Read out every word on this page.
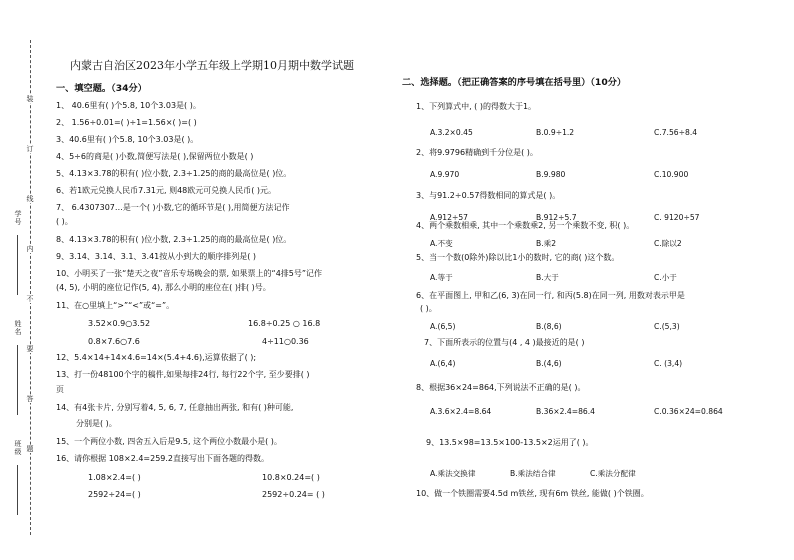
学号
姓名
班级
装
订
线
内
不
要
答
题
内蒙古自治区2023年小学五年级上学期10月期中数学试题
一、填空题。（34分）
1、 40.6里有( )个5.8, 10个3.03是( )。
2、 1.56÷0.01=( )÷1=1.56×( )=( )
3、40.6里有( )个5.8, 10个3.03是( )。
4、5÷6的商是( )小数,简便写法是( ),保留两位小数是( )
5、4.13×3.78的积有( )位小数, 2.3÷1.25的商的最高位是( )位。
6、若1欧元兑换人民币7.31元, 则48欧元可兑换人民币( )元。
7、 6.4307307…是一个( )小数,它的循环节是( ),用简便方法记作
( )。
8、4.13×3.78的积有( )位小数, 2.3÷1.25的商的最高位是( )位。
9、3.14、3.14、3.1、3.41按从小到大的顺序排列是( )
10、小明买了一张“楚天之夜”音乐专场晚会的票, 如果票上的“4排5号”记作
(4, 5), 小明的座位记作(5, 4), 那么小明的座位在( )排( )号。
11、在○里填上“>”“<”或“=”。
3.52×0.9○3.52	16.8÷0.25 ○ 16.8
0.8×7.6○7.6	4÷11○0.36
12、5.4×14+14×4.6=14×(5.4+4.6),运算依据了( );
13、打一份48100个字的稿件,如果每排24行, 每行22个字, 至少要排( )
页
14、有4张卡片, 分别写着4, 5, 6, 7, 任意抽出两张, 和有( )种可能,
分别是( )。
15、一个两位小数, 四舍五入后是9.5, 这个两位小数最小是( )。
16、请你根据 108×2.4=259.2直接写出下面各题的得数。
1.08×2.4=( )	10.8×0.24=( )
2592÷24=( )	2592÷0.24= ( )
二、选择题。（把正确答案的序号填在括号里）（10分）
1、下列算式中, ( )的得数大于1。
A.3.2×0.45	B.0.9÷1.2	C.7.56÷8.4
2、将9.9796精确到千分位是( )。
A.9.970	B.9.980	C.10.900
3、与91.2÷0.57得数相同的算式是( )。
A.912÷57	B.912÷5.7	C. 9120÷57
4、两个乘数相乘, 其中一个乘数乘2, 另一个乘数不变, 积( )。
A.不变	B.乘2	C.除以2
5、当一个数(0除外)除以比1小的数时, 它的商( )这个数。
A.等于	B.大于	C.小于
6、在平面图上, 甲和乙(6, 3)在同一行, 和丙(5.8)在同一列, 用数对表示甲是
( )。
A.(6,5)	B.(8,6)	C.(5,3)
7、下面所表示的位置与(4 , 4 )最接近的是( )
A.(6,4)	B.(4,6)	C. (3,4)
8、根据36×24=864,下列说法不正确的是( )。
A.3.6×2.4=8.64	B.36×2.4=86.4	C.0.36×24=0.864
9、13.5×98=13.5×100-13.5×2运用了( )。
A.乘法交换律	B.乘法结合律	C.乘法分配律
10、做一个铁圈需要4.5d m铁丝, 现有6m 铁丝, 能做( )个铁圈。
